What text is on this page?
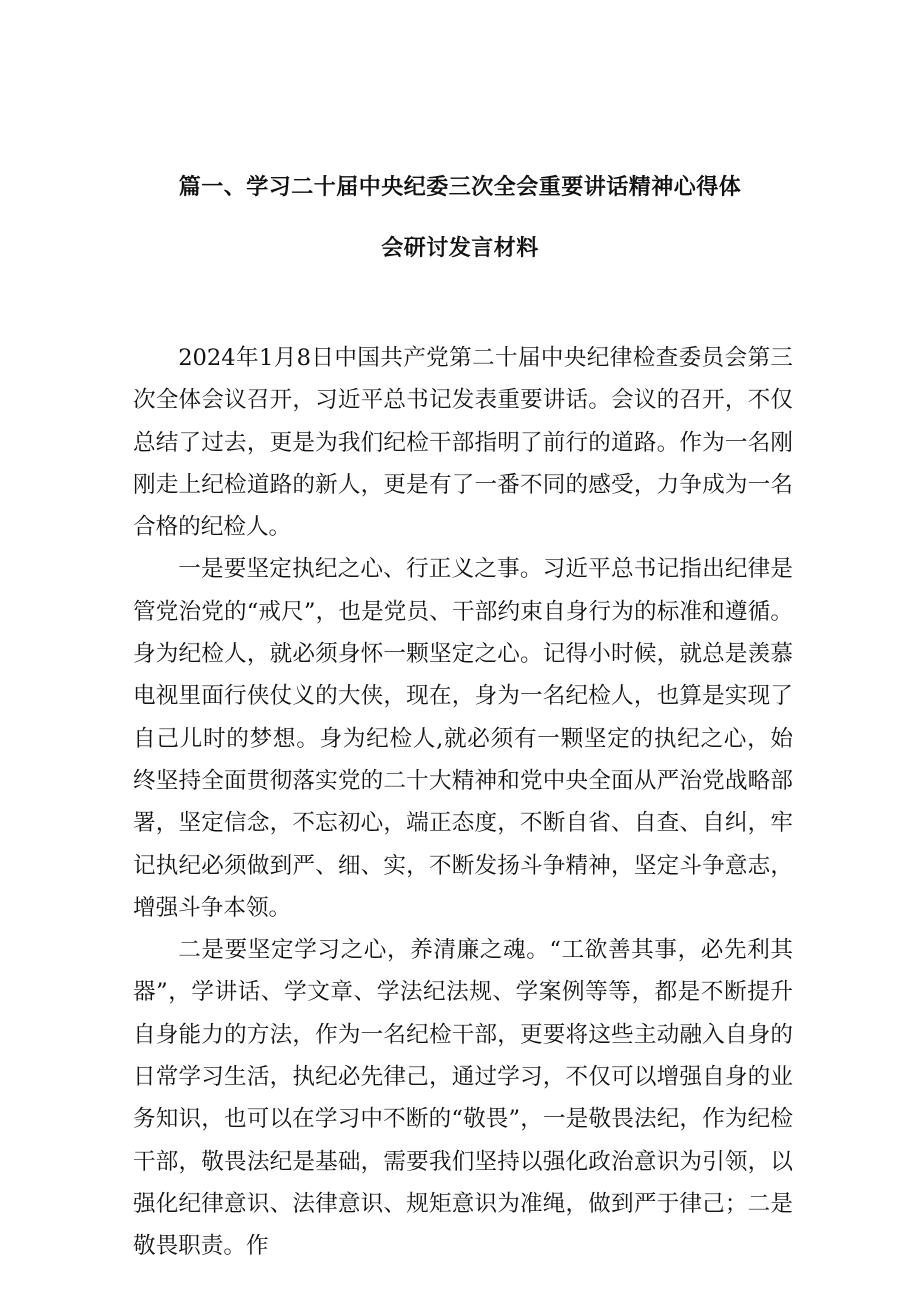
篇一、学习二十届中央纪委三次全会重要讲话精神心得体
会研讨发言材料

2024年1月8日中国共产党第二十届中央纪律检查委员会第三次全体会议召开，习近平总书记发表重要讲话。会议的召开，不仅总结了过去，更是为我们纪检干部指明了前行的道路。作为一名刚刚走上纪检道路的新人，更是有了一番不同的感受，力争成为一名合格的纪检人。

一是要坚定执纪之心、行正义之事。习近平总书记指出纪律是管党治党的“戒尺”，也是党员、干部约束自身行为的标准和遵循。身为纪检人，就必须身怀一颗坚定之心。记得小时候，就总是羡慕电视里面行侠仗义的大侠，现在，身为一名纪检人，也算是实现了自己儿时的梦想。身为纪检人,就必须有一颗坚定的执纪之心，始终坚持全面贯彻落实党的二十大精神和党中央全面从严治党战略部署，坚定信念，不忘初心，端正态度，不断自省、自查、自纠，牢记执纪必须做到严、细、实，不断发扬斗争精神，坚定斗争意志，增强斗争本领。

二是要坚定学习之心，养清廉之魂。“工欲善其事，必先利其器”，学讲话、学文章、学法纪法规、学案例等等，都是不断提升自身能力的方法，作为一名纪检干部，更要将这些主动融入自身的日常学习生活，执纪必先律己，通过学习，不仅可以增强自身的业务知识，也可以在学习中不断的“敬畏”，一是敬畏法纪，作为纪检干部，敬畏法纪是基础，需要我们坚持以强化政治意识为引领，以强化纪律意识、法律意识、规矩意识为准绳，做到严于律己；二是敬畏职责。作
